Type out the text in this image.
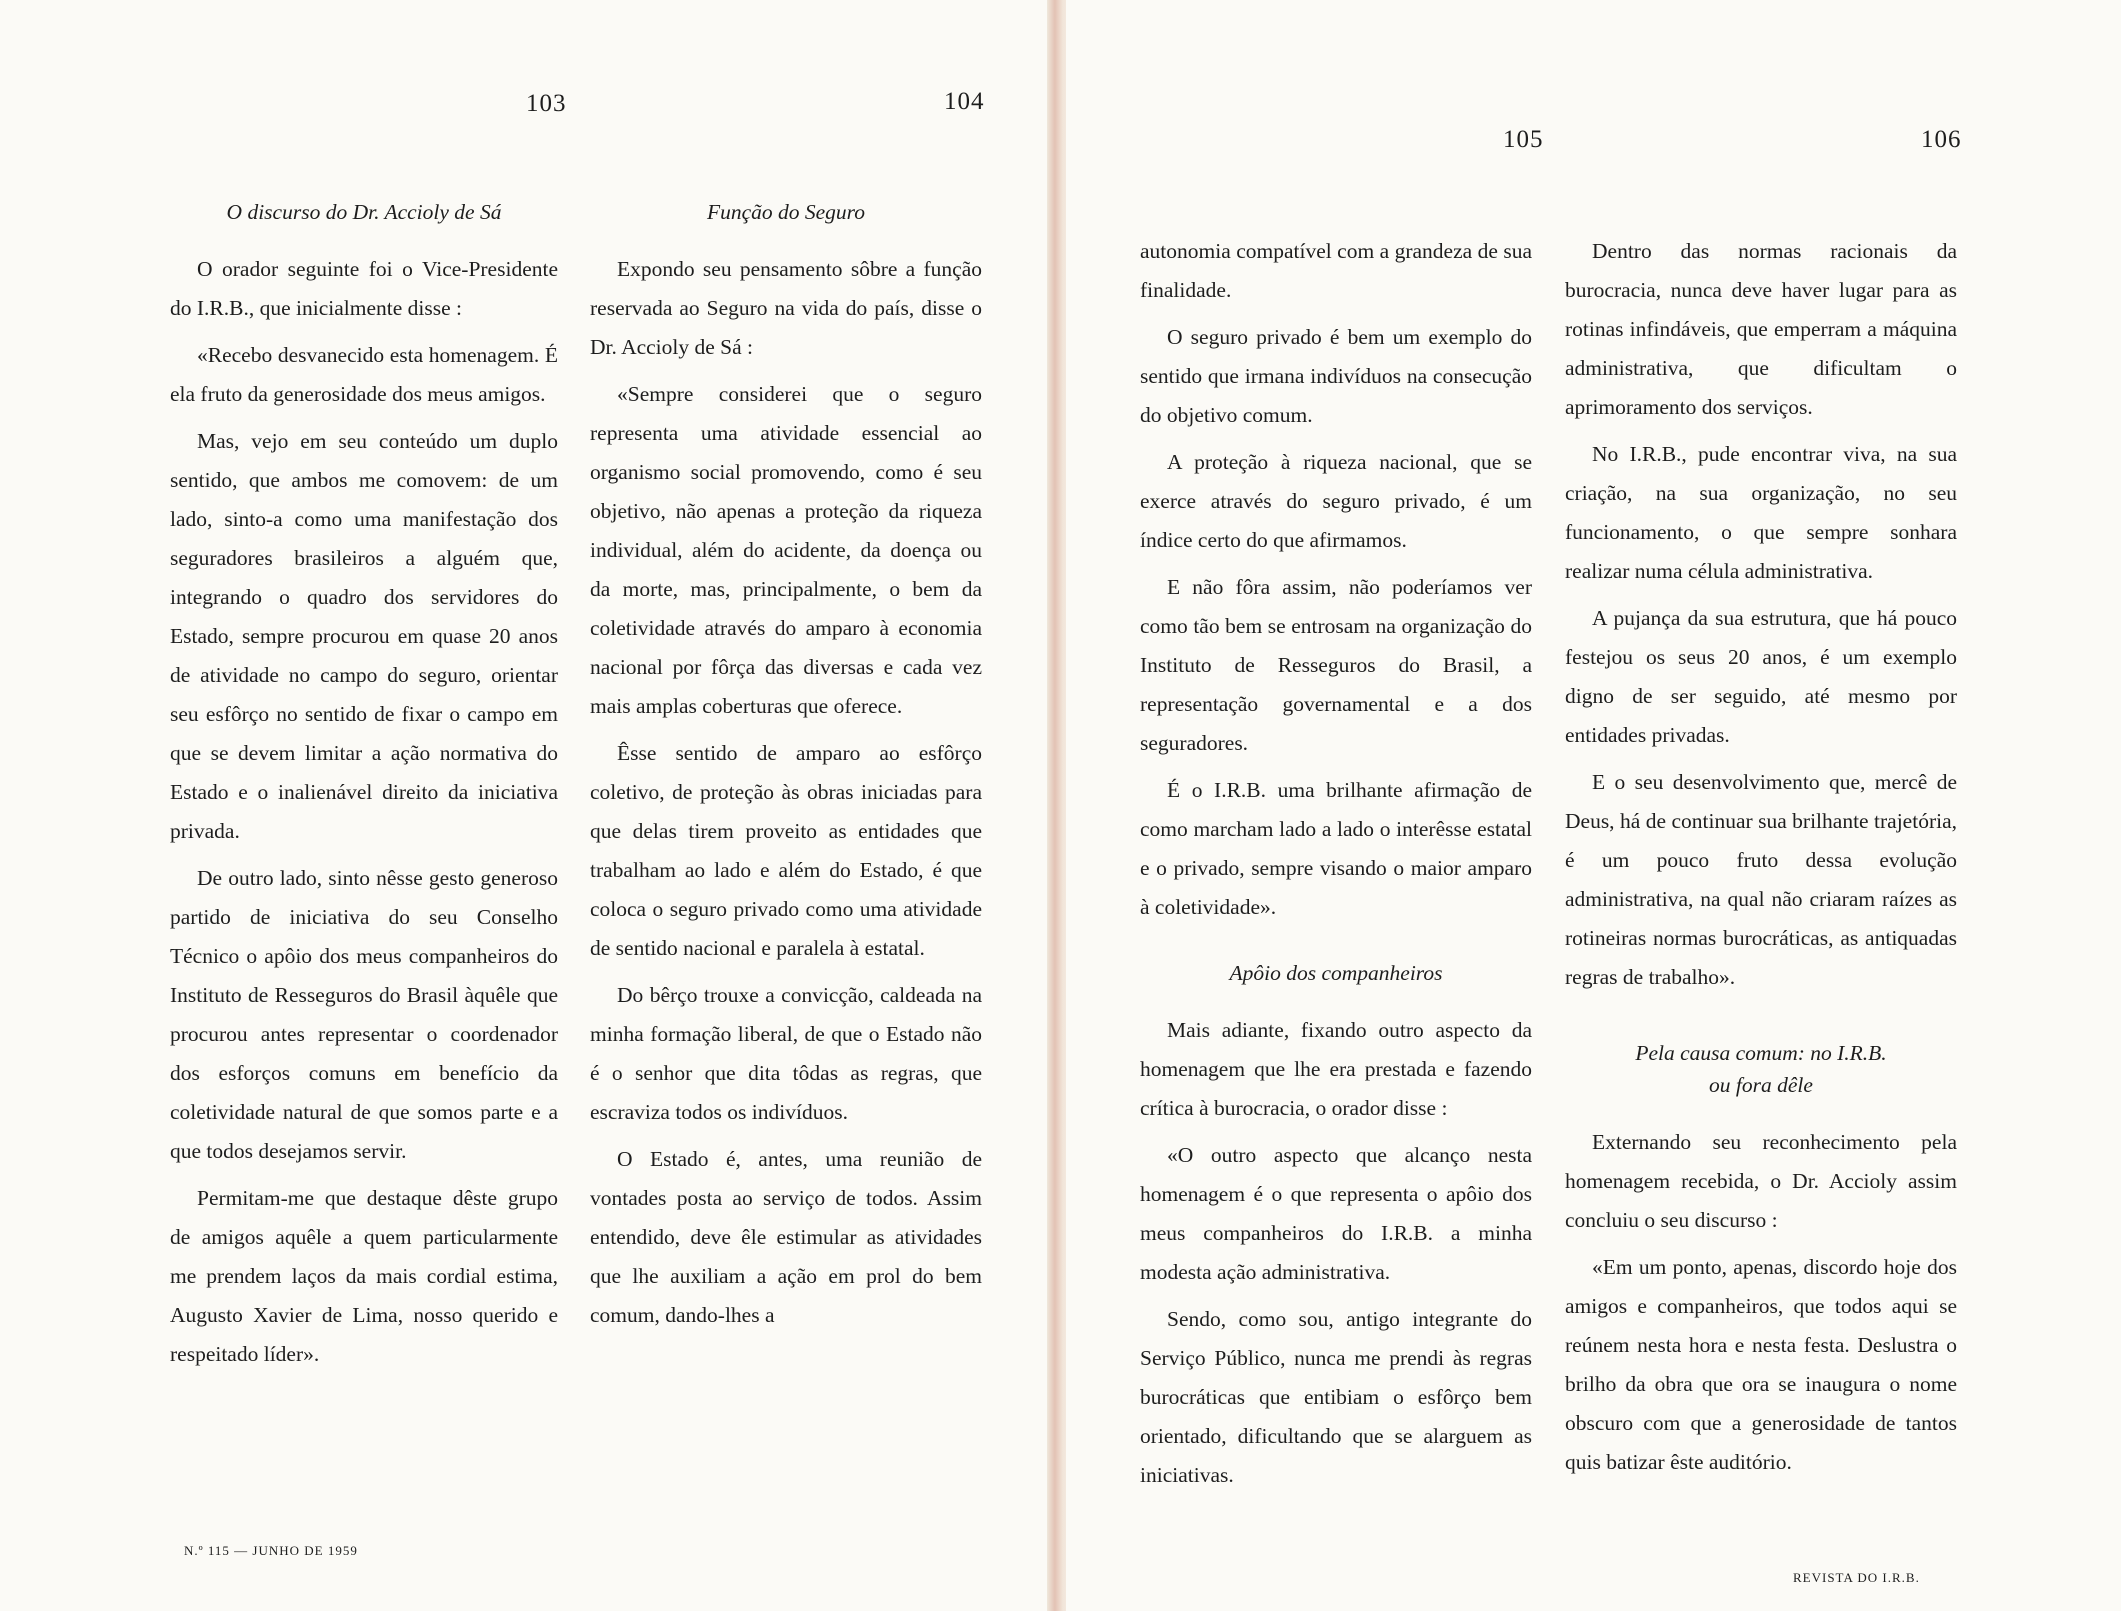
103	104
O discurso do Dr. Accioly de Sá

O orador seguinte foi o Vice-Presidente do I.R.B., que inicialmente disse :

«Recebo desvanecido esta homenagem. É ela fruto da generosidade dos meus amigos.

Mas, vejo em seu conteúdo um duplo sentido, que ambos me comovem: de um lado, sinto-a como uma manifestação dos seguradores brasileiros a alguém que, integrando o quadro dos servidores do Estado, sempre procurou em quase 20 anos de atividade no campo do seguro, orientar seu esfôrço no sentido de fixar o campo em que se devem limitar a ação normativa do Estado e o inalienável direito da iniciativa privada.

De outro lado, sinto nêsse gesto generoso partido de iniciativa do seu Conselho Técnico o apôio dos meus companheiros do Instituto de Resseguros do Brasil àquêle que procurou antes representar o coordenador dos esforços comuns em benefício da coletividade natural de que somos parte e a que todos desejamos servir.

Permitam-me que destaque dêste grupo de amigos aquêle a quem particularmente me prendem laços da mais cordial estima, Augusto Xavier de Lima, nosso querido e respeitado líder».

Função do Seguro

Expondo seu pensamento sôbre a função reservada ao Seguro na vida do país, disse o Dr. Accioly de Sá :

«Sempre considerei que o seguro representa uma atividade essencial ao organismo social promovendo, como é seu objetivo, não apenas a proteção da riqueza individual, além do acidente, da doença ou da morte, mas, principalmente, o bem da coletividade através do amparo à economia nacional por fôrça das diversas e cada vez mais amplas coberturas que oferece.

Êsse sentido de amparo ao esfôrço coletivo, de proteção às obras iniciadas para que delas tirem proveito as entidades que trabalham ao lado e além do Estado, é que coloca o seguro privado como uma atividade de sentido nacional e paralela à estatal.

Do bêrço trouxe a convicção, caldeada na minha formação liberal, de que o Estado não é o senhor que dita tôdas as regras, que escraviza todos os indivíduos.

O Estado é, antes, uma reunião de vontades posta ao serviço de todos. Assim entendido, deve êle estimular as atividades que lhe auxiliam a ação em prol do bem comum, dando-lhes a

N.º 115 — JUNHO DE 1959
105	106

autonomia compatível com a grandeza de sua finalidade.

O seguro privado é bem um exemplo do sentido que irmana indivíduos na consecução do objetivo comum.

A proteção à riqueza nacional, que se exerce através do seguro privado, é um índice certo do que afirmamos.

E não fôra assim, não poderíamos ver como tão bem se entrosam na organização do Instituto de Resseguros do Brasil, a representação governamental e a dos seguradores.

É o I.R.B. uma brilhante afirmação de como marcham lado a lado o interêsse estatal e o privado, sempre visando o maior amparo à coletividade».

Apôio dos companheiros

Mais adiante, fixando outro aspecto da homenagem que lhe era prestada e fazendo crítica à burocracia, o orador disse :

«O outro aspecto que alcanço nesta homenagem é o que representa o apôio dos meus companheiros do I.R.B. a minha modesta ação administrativa.

Sendo, como sou, antigo integrante do Serviço Público, nunca me prendi às regras burocráticas que entibiam o esfôrço bem orientado, dificultando que se alarguem as iniciativas.

Dentro das normas racionais da burocracia, nunca deve haver lugar para as rotinas infindáveis, que emperram a máquina administrativa, que dificultam o aprimoramento dos serviços.

No I.R.B., pude encontrar viva, na sua criação, na sua organização, no seu funcionamento, o que sempre sonhara realizar numa célula administrativa.

A pujança da sua estrutura, que há pouco festejou os seus 20 anos, é um exemplo digno de ser seguido, até mesmo por entidades privadas.

E o seu desenvolvimento que, mercê de Deus, há de continuar sua brilhante trajetória, é um pouco fruto dessa evolução administrativa, na qual não criaram raízes as rotineiras normas burocráticas, as antiquadas regras de trabalho».

Pela causa comum: no I.R.B.
ou fora dêle

Externando seu reconhecimento pela homenagem recebida, o Dr. Accioly assim concluiu o seu discurso :

«Em um ponto, apenas, discordo hoje dos amigos e companheiros, que todos aqui se reúnem nesta hora e nesta festa. Deslustra o brilho da obra que ora se inaugura o nome obscuro com que a generosidade de tantos quis batizar êste auditório.

REVISTA DO I.R.B.
